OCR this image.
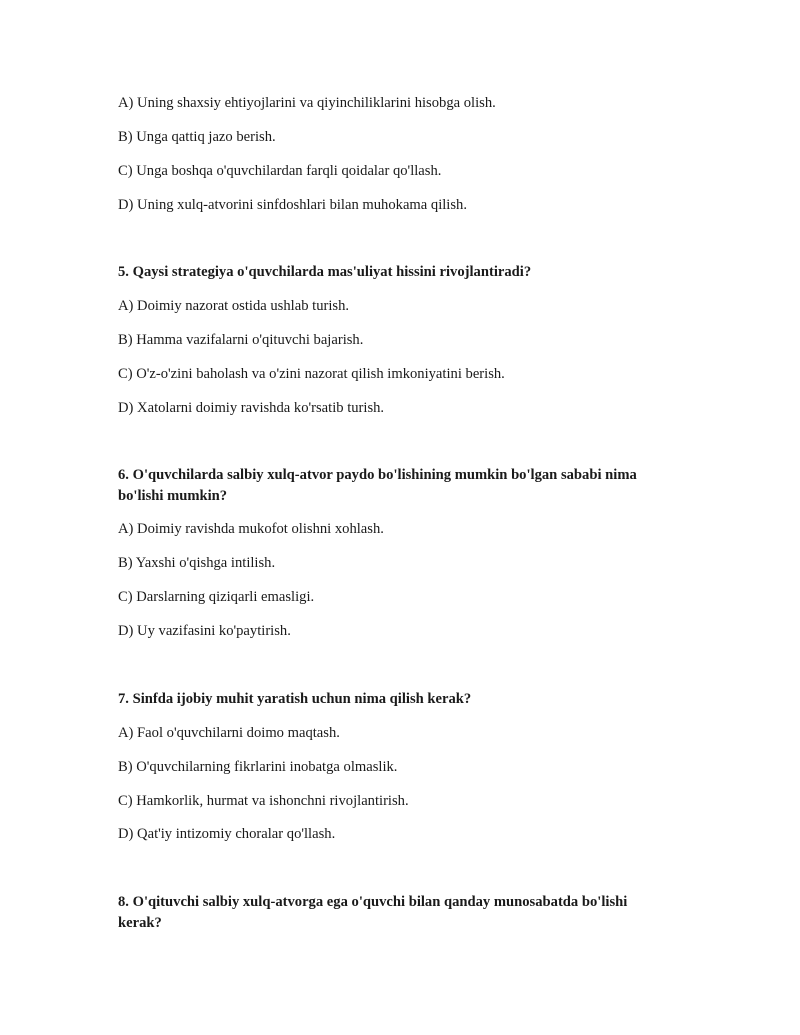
A) Uning shaxsiy ehtiyojlarini va qiyinchiliklarini hisobga olish.
B) Unga qattiq jazo berish.
C) Unga boshqa o'quvchilardan farqli qoidalar qo'llash.
D) Uning xulq-atvorini sinfdoshlari bilan muhokama qilish.
5. Qaysi strategiya o'quvchilarda mas'uliyat hissini rivojlantiradi?
A) Doimiy nazorat ostida ushlab turish.
B) Hamma vazifalarni o'qituvchi bajarish.
C) O'z-o'zini baholash va o'zini nazorat qilish imkoniyatini berish.
D) Xatolarni doimiy ravishda ko'rsatib turish.
6. O'quvchilarda salbiy xulq-atvor paydo bo'lishining mumkin bo'lgan sababi nima
bo'lishi mumkin?
A) Doimiy ravishda mukofot olishni xohlash.
B) Yaxshi o'qishga intilish.
C) Darslarning qiziqarli emasligi.
D) Uy vazifasini ko'paytirish.
7. Sinfda ijobiy muhit yaratish uchun nima qilish kerak?
A) Faol o'quvchilarni doimo maqtash.
B) O'quvchilarning fikrlarini inobatga olmaslik.
C) Hamkorlik, hurmat va ishonchni rivojlantirish.
D) Qat'iy intizomiy choralar qo'llash.
8. O'qituvchi salbiy xulq-atvorga ega o'quvchi bilan qanday munosabatda bo'lishi
kerak?
